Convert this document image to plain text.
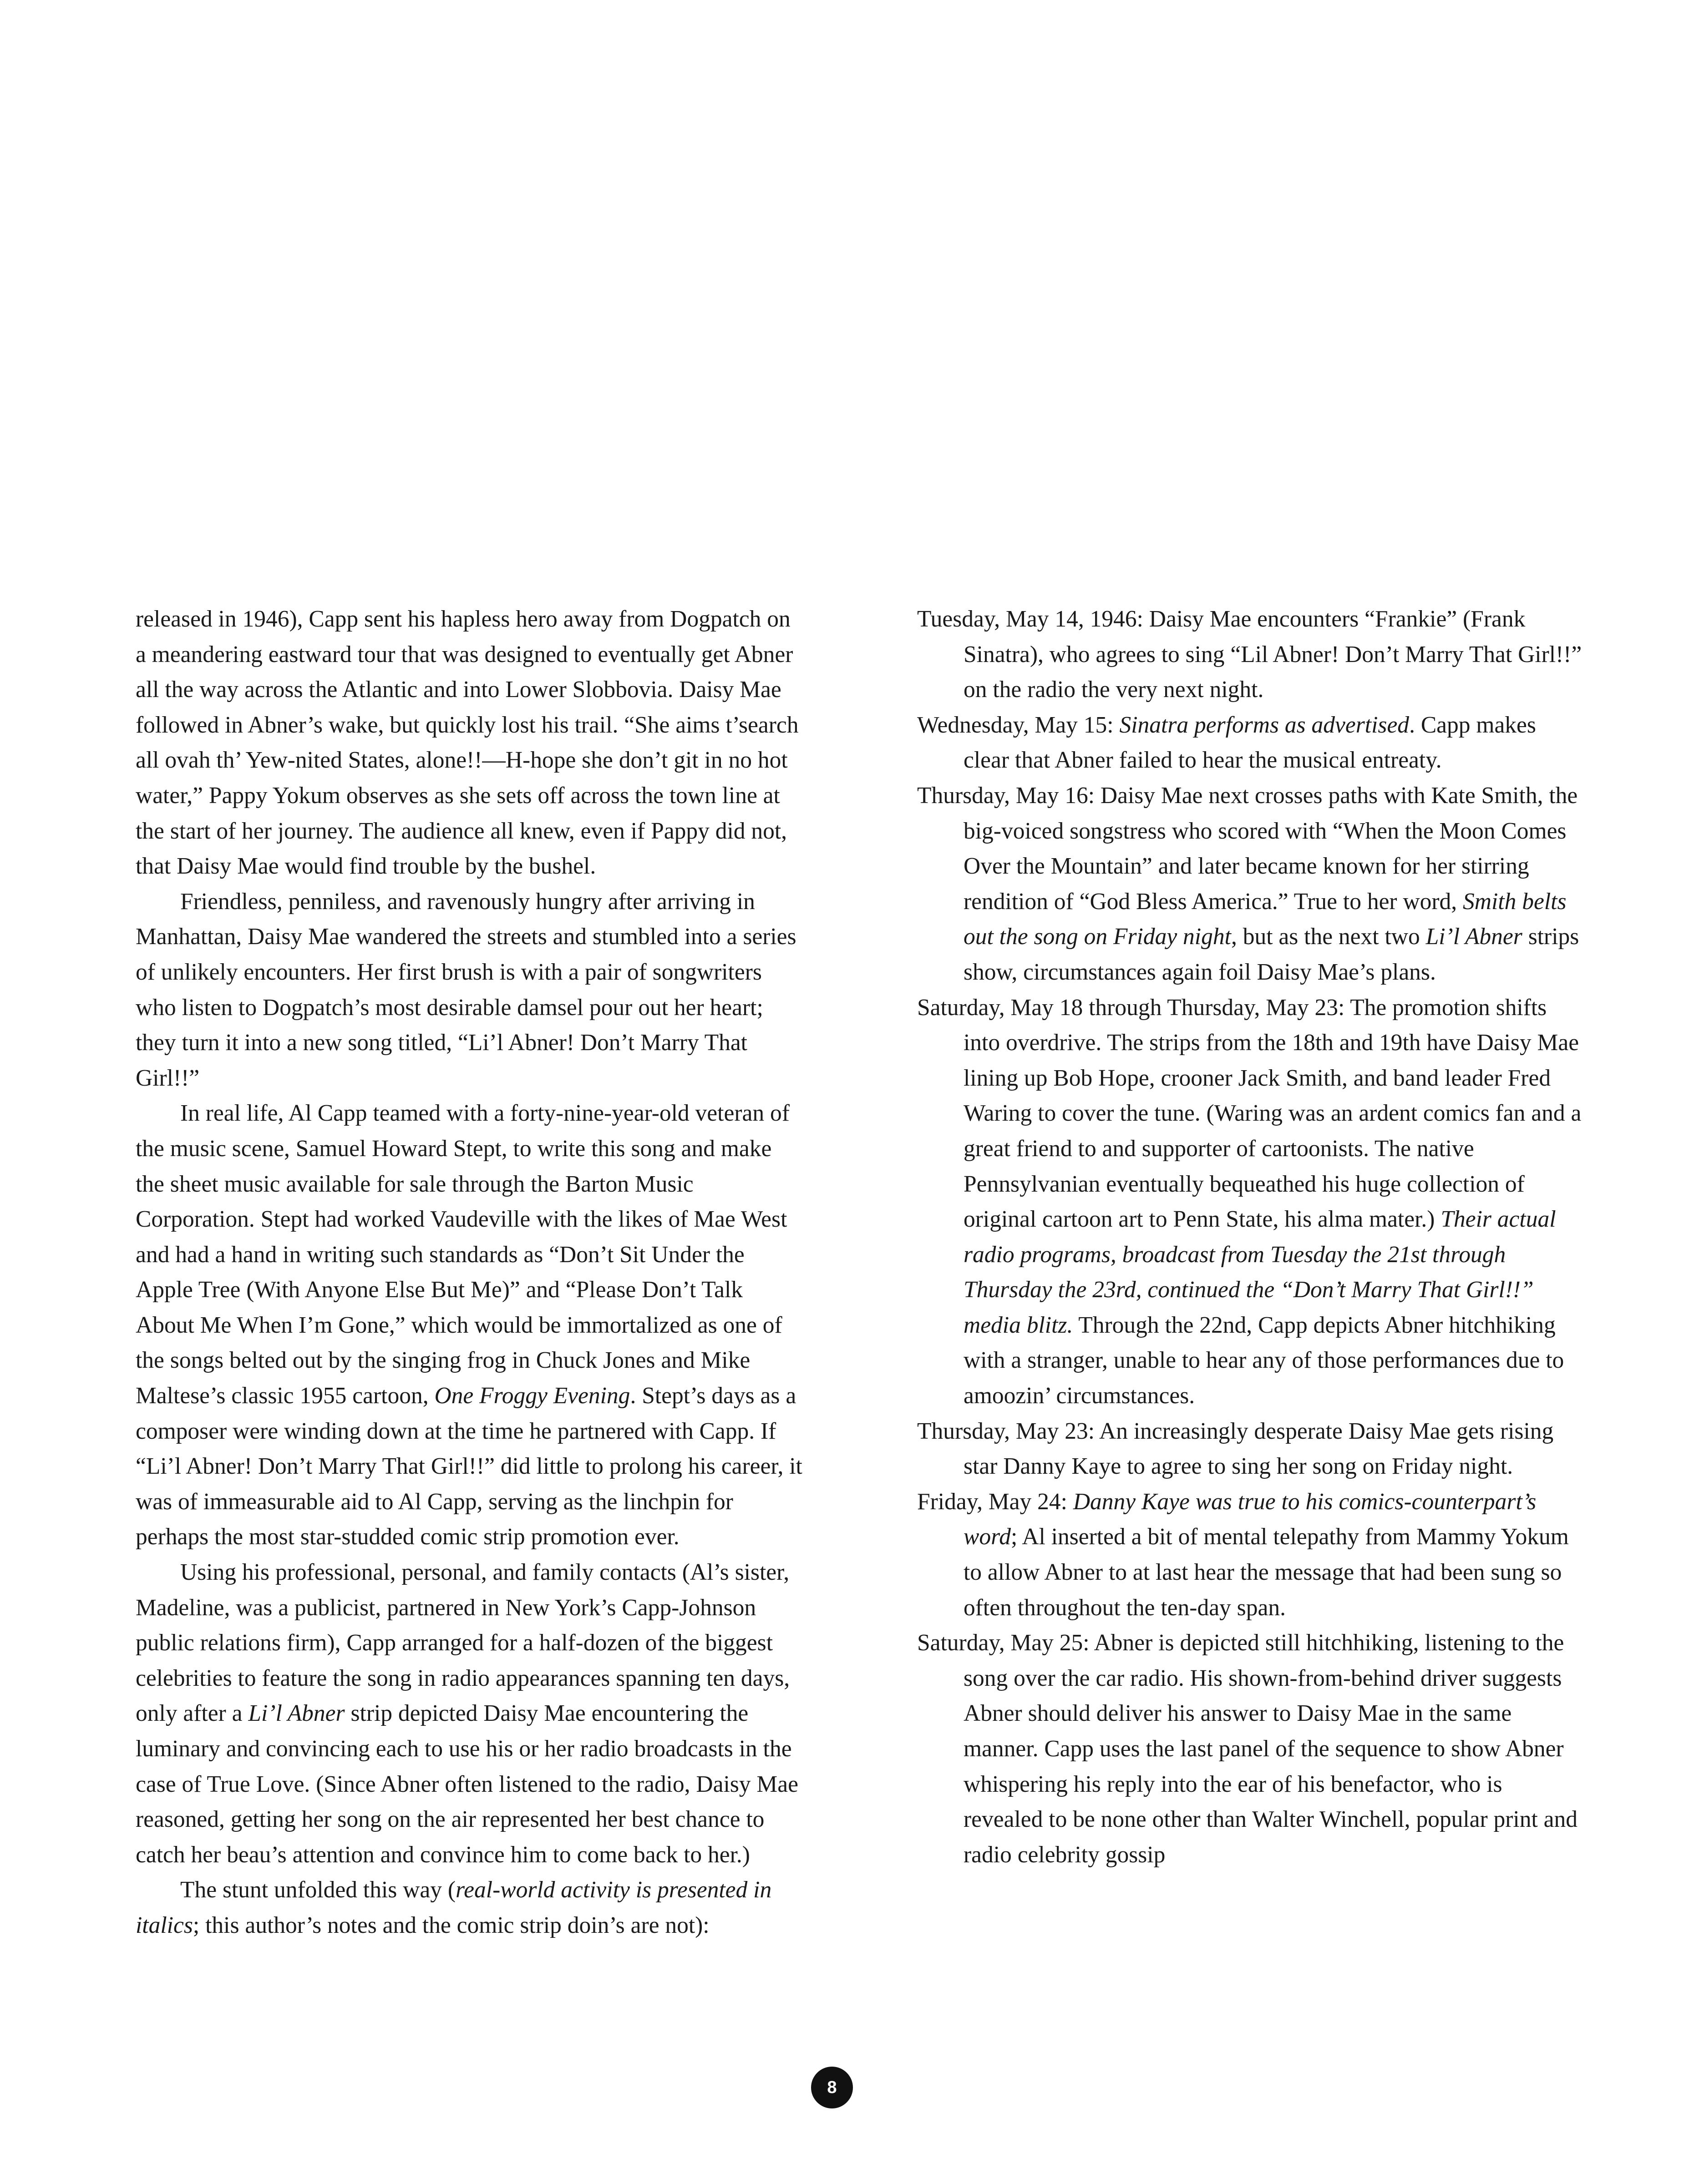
released in 1946), Capp sent his hapless hero away from Dogpatch on a meandering eastward tour that was designed to eventually get Abner all the way across the Atlantic and into Lower Slobbovia. Daisy Mae followed in Abner’s wake, but quickly lost his trail. “She aims t’search all ovah th’ Yew-nited States, alone!!—H-hope she don’t git in no hot water,” Pappy Yokum observes as she sets off across the town line at the start of her journey. The audience all knew, even if Pappy did not, that Daisy Mae would find trouble by the bushel.

Friendless, penniless, and ravenously hungry after arriving in Manhattan, Daisy Mae wandered the streets and stumbled into a series of unlikely encounters. Her first brush is with a pair of songwriters who listen to Dogpatch’s most desirable damsel pour out her heart; they turn it into a new song titled, “Li’l Abner! Don’t Marry That Girl!!”

In real life, Al Capp teamed with a forty-nine-year-old veteran of the music scene, Samuel Howard Stept, to write this song and make the sheet music available for sale through the Barton Music Corporation. Stept had worked Vaudeville with the likes of Mae West and had a hand in writing such standards as “Don’t Sit Under the Apple Tree (With Anyone Else But Me)” and “Please Don’t Talk About Me When I’m Gone,” which would be immortalized as one of the songs belted out by the singing frog in Chuck Jones and Mike Maltese’s classic 1955 cartoon, One Froggy Evening. Stept’s days as a composer were winding down at the time he partnered with Capp. If “Li’l Abner! Don’t Marry That Girl!!” did little to prolong his career, it was of immeasurable aid to Al Capp, serving as the linchpin for perhaps the most star-studded comic strip promotion ever.

Using his professional, personal, and family contacts (Al’s sister, Madeline, was a publicist, partnered in New York’s Capp-Johnson public relations firm), Capp arranged for a half-dozen of the biggest celebrities to feature the song in radio appearances spanning ten days, only after a Li’l Abner strip depicted Daisy Mae encountering the luminary and convincing each to use his or her radio broadcasts in the case of True Love. (Since Abner often listened to the radio, Daisy Mae reasoned, getting her song on the air represented her best chance to catch her beau’s attention and convince him to come back to her.)

The stunt unfolded this way (real-world activity is presented in italics; this author’s notes and the comic strip doin’s are not):

Tuesday, May 14, 1946: Daisy Mae encounters “Frankie” (Frank Sinatra), who agrees to sing “Lil Abner! Don’t Marry That Girl!!” on the radio the very next night.

Wednesday, May 15: Sinatra performs as advertised. Capp makes clear that Abner failed to hear the musical entreaty.

Thursday, May 16: Daisy Mae next crosses paths with Kate Smith, the big-voiced songstress who scored with “When the Moon Comes Over the Mountain” and later became known for her stirring rendition of “God Bless America.” True to her word, Smith belts out the song on Friday night, but as the next two Li’l Abner strips show, circumstances again foil Daisy Mae’s plans.

Saturday, May 18 through Thursday, May 23: The promotion shifts into overdrive. The strips from the 18th and 19th have Daisy Mae lining up Bob Hope, crooner Jack Smith, and band leader Fred Waring to cover the tune. (Waring was an ardent comics fan and a great friend to and supporter of cartoonists. The native Pennsylvanian eventually bequeathed his huge collection of original cartoon art to Penn State, his alma mater.) Their actual radio programs, broadcast from Tuesday the 21st through Thursday the 23rd, continued the “Don’t Marry That Girl!!” media blitz. Through the 22nd, Capp depicts Abner hitchhiking with a stranger, unable to hear any of those performances due to amoozin’ circumstances.

Thursday, May 23: An increasingly desperate Daisy Mae gets rising star Danny Kaye to agree to sing her song on Friday night.

Friday, May 24: Danny Kaye was true to his comics-counterpart’s word; Al inserted a bit of mental telepathy from Mammy Yokum to allow Abner to at last hear the message that had been sung so often throughout the ten-day span.

Saturday, May 25: Abner is depicted still hitchhiking, listening to the song over the car radio. His shown-from-behind driver suggests Abner should deliver his answer to Daisy Mae in the same manner. Capp uses the last panel of the sequence to show Abner whispering his reply into the ear of his benefactor, who is revealed to be none other than Walter Winchell, popular print and radio celebrity gossip

8
